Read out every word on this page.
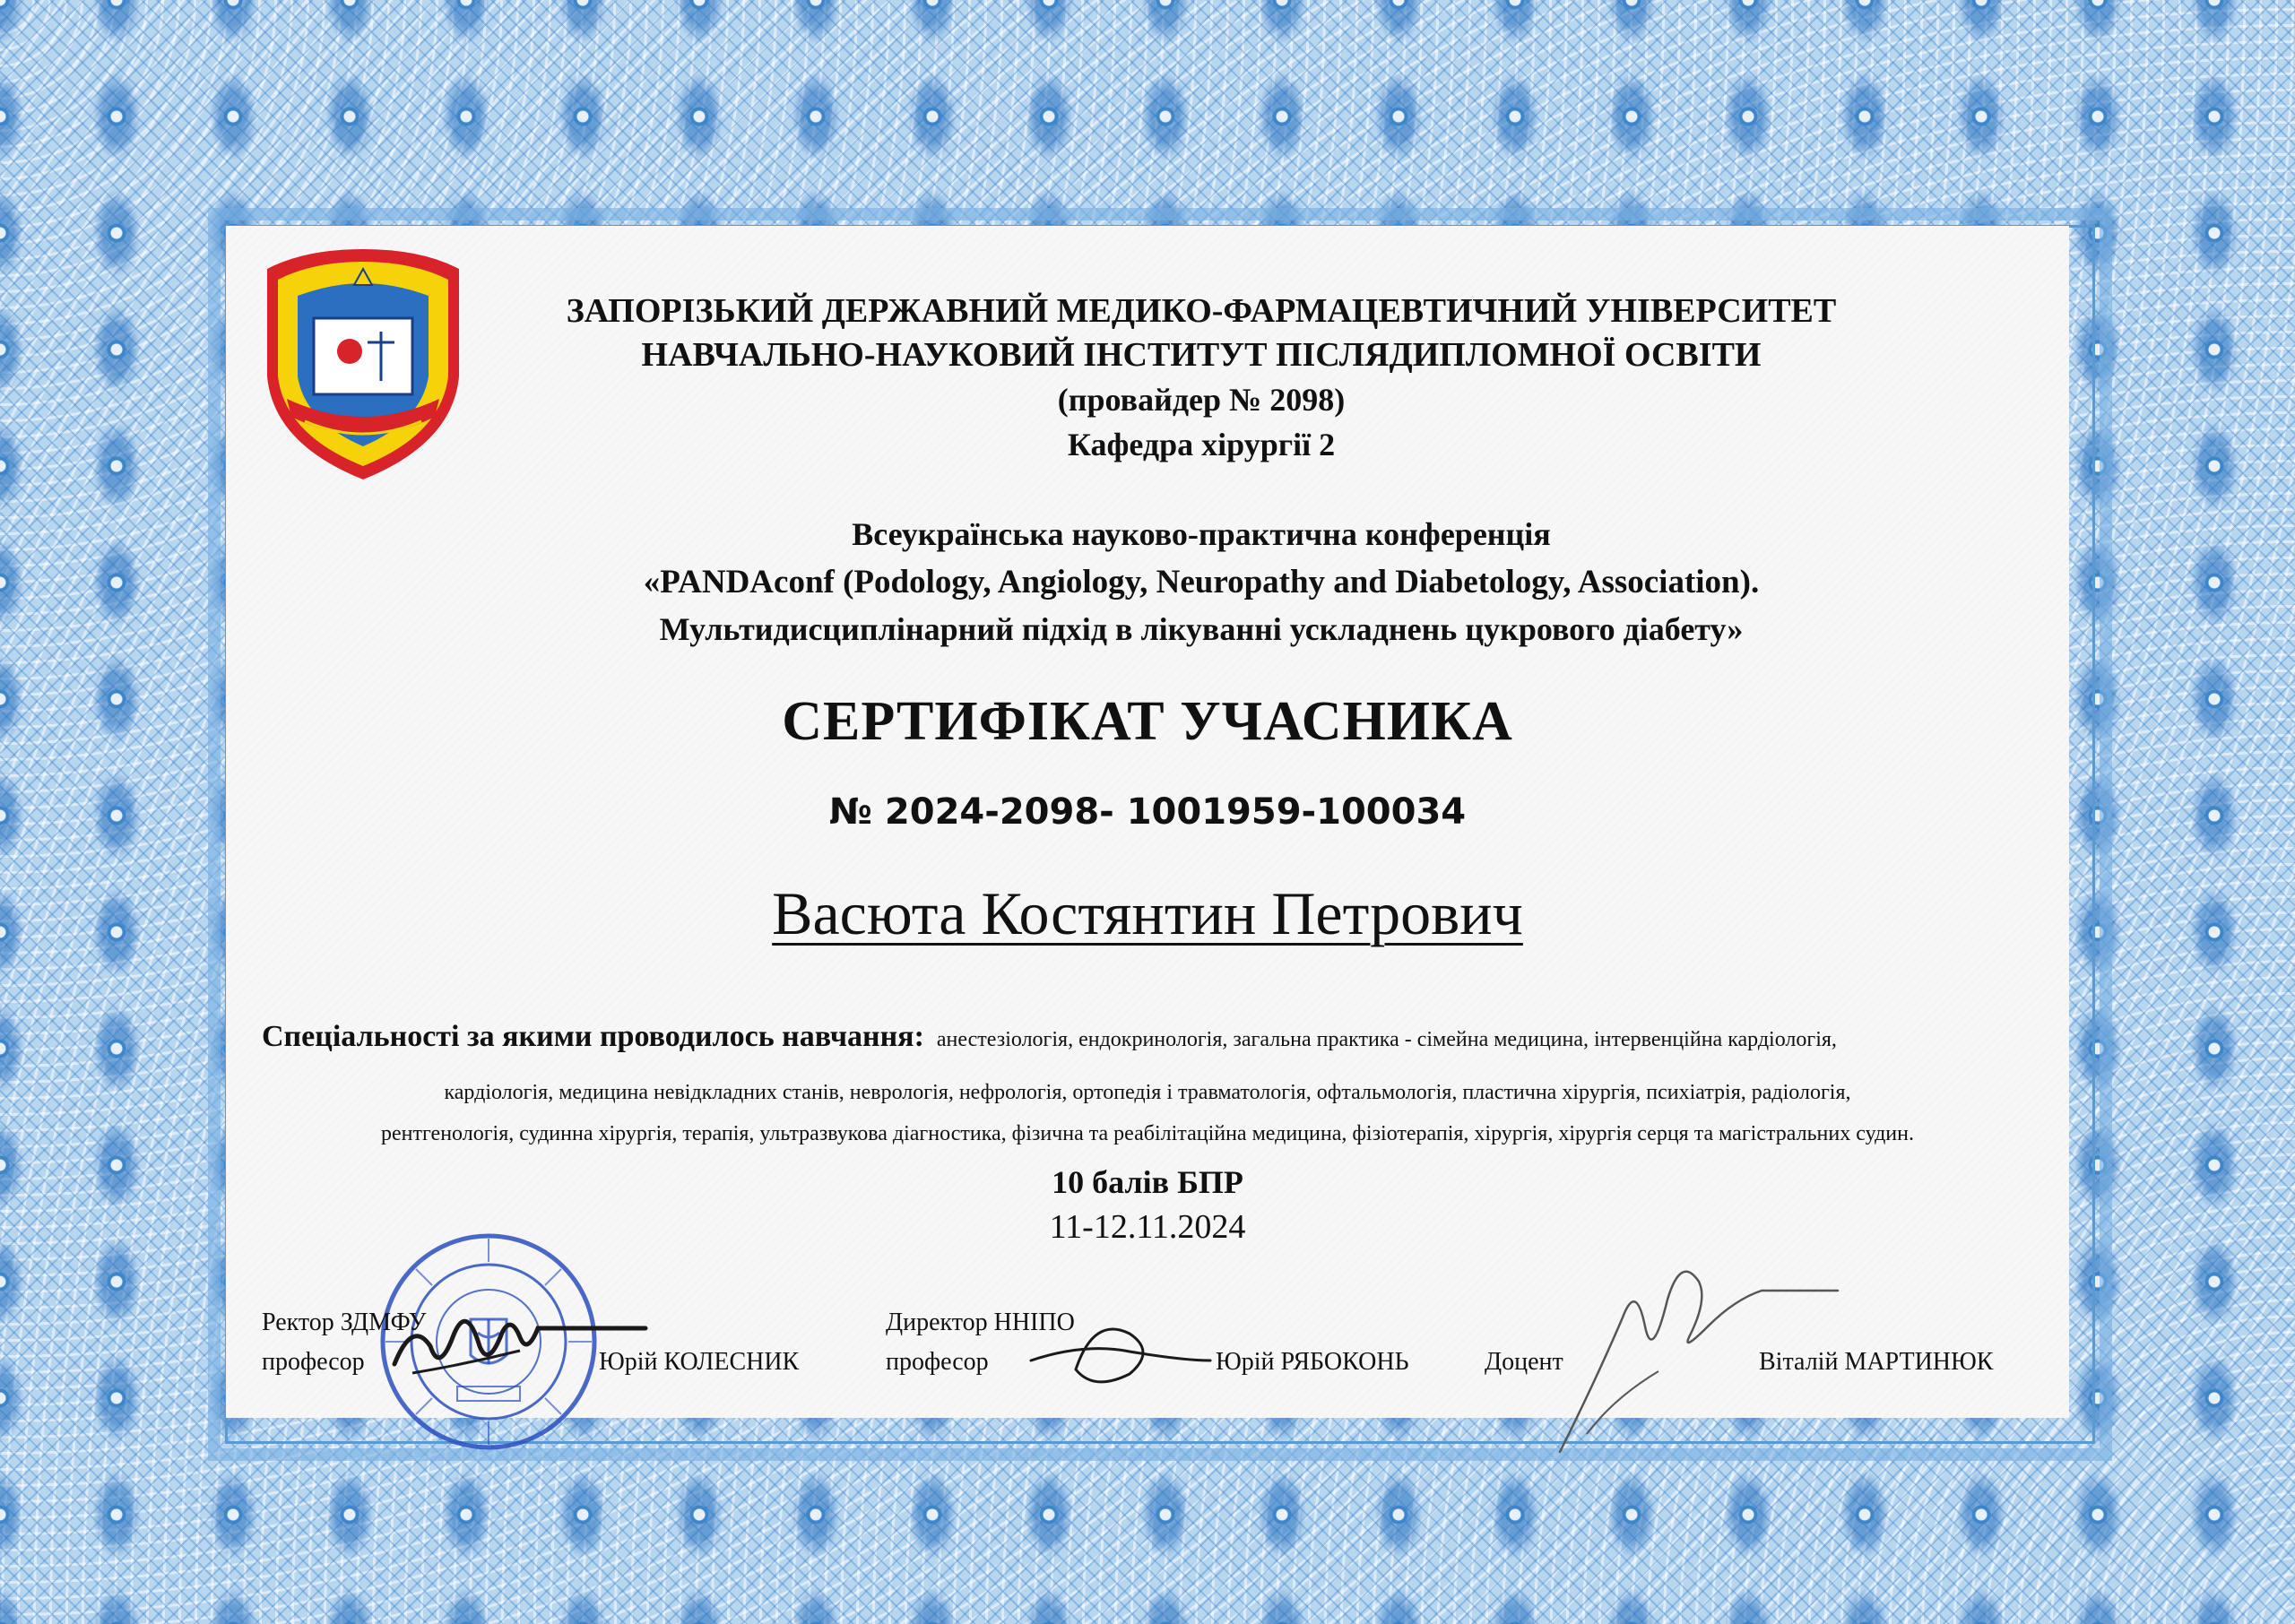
ЗАПОРІЗЬКИЙ ДЕРЖАВНИЙ МЕДИКО-ФАРМАЦЕВТИЧНИЙ УНІВЕРСИТЕТ
НАВЧАЛЬНО-НАУКОВИЙ ІНСТИТУТ ПІСЛЯДИПЛОМНОЇ ОСВІТИ
(провайдер № 2098)
Кафедра хірургії 2
Всеукраїнська науково-практична конференція
«PANDAconf (Podology, Angiology, Neuropathy and Diabetology, Association).
Мультидисциплінарний підхід в лікуванні ускладнень цукрового діабету»
СЕРТИФІКАТ УЧАСНИКА
№ 2024-2098- 1001959-100034
Васюта Костянтин Петрович
Спеціальності за якими проводилось навчання: анестезіологія, ендокринологія, загальна практика - сімейна медицина, інтервенційна кардіологія,
кардіологія, медицина невідкладних станів, неврологія, нефрологія, ортопедія і травматологія, офтальмологія, пластична хірургія, психіатрія, радіологія,
рентгенологія, судинна хірургія, терапія, ультразвукова діагностика, фізична та реабілітаційна медицина, фізіотерапія, хірургія, хірургія серця та магістральних судин.
10 балів БПР
11-12.11.2024
Ректор ЗДМФУ
професор	Юрій КОЛЕСНИК
Директор ННІПО
професор	Юрій РЯБОКОНЬ	Доцент	Віталій МАРТИНЮК
